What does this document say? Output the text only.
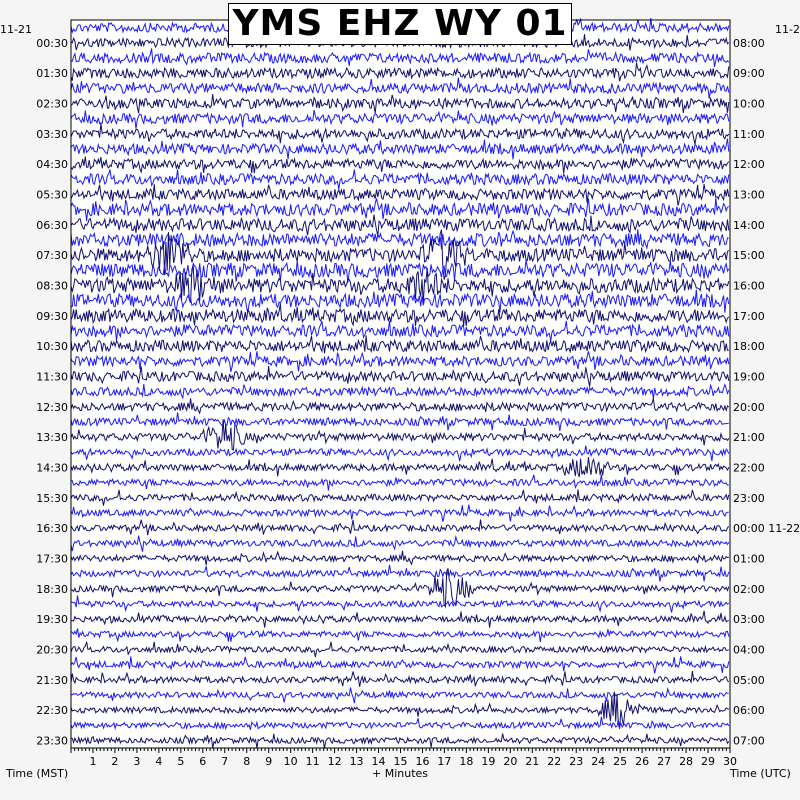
00:30
01:30
02:30
03:30
04:30
05:30
06:30
07:30
08:30
09:30
10:30
11:30
12:30
13:30
14:30
15:30
16:30
17:30
18:30
19:30
20:30
21:30
22:30
23:30
08:00
09:00
10:00
11:00
12:00
13:00
14:00
15:00
16:00
17:00
18:00
19:00
20:00
21:00
22:00
23:00
00:00 11-22
01:00
02:00
03:00
04:00
05:00
06:00
07:00
1 2 3 4 5 6 7 8 9 10 11 12 13 14 15 16 17 18 19 20 21 22 23 24 25 26 27 28 29 30
YMS EHZ WY 01
11-21	11-2
Time (MST)	+ Minutes	Time (UTC)
